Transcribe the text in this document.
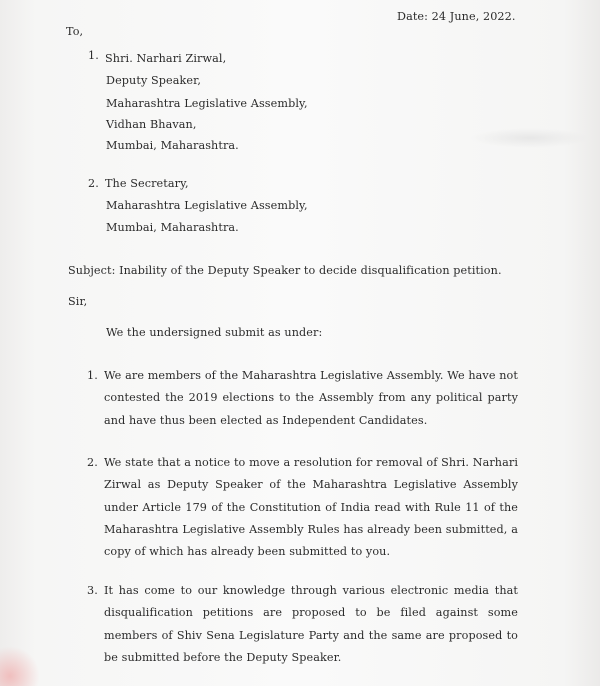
Date: 24 June, 2022.
To,
1. Shri. Narhari Zirwal,
Deputy Speaker,
Maharashtra Legislative Assembly,
Vidhan Bhavan,
Mumbai, Maharashtra.
2. The Secretary,
Maharashtra Legislative Assembly,
Mumbai, Maharashtra.
Subject: Inability of the Deputy Speaker to decide disqualification petition.
Sir,
We the undersigned submit as under:
1. We are members of the Maharashtra Legislative Assembly. We have not contested the 2019 elections to the Assembly from any political party and have thus been elected as Independent Candidates.
2. We state that a notice to move a resolution for removal of Shri. Narhari Zirwal as Deputy Speaker of the Maharashtra Legislative Assembly under Article 179 of the Constitution of India read with Rule 11 of the Maharashtra Legislative Assembly Rules has already been submitted, a copy of which has already been submitted to you.
3. It has come to our knowledge through various electronic media that disqualification petitions are proposed to be filed against some members of Shiv Sena Legislature Party and the same are proposed to be submitted before the Deputy Speaker.
